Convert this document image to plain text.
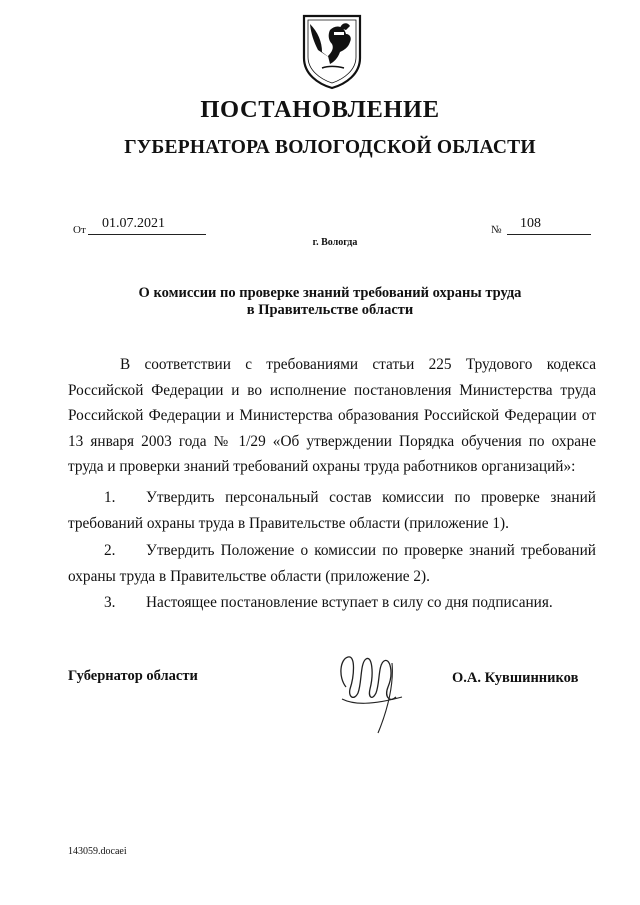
ПОСТАНОВЛЕНИЕ
ГУБЕРНАТОРА ВОЛОГОДСКОЙ ОБЛАСТИ
От	01.07.2021	№	108
г. Вологда
О комиссии по проверке знаний требований охраны труда
в Правительстве области
В соответствии с требованиями статьи 225 Трудового кодекса Российской Федерации и во исполнение постановления Министерства труда Российской Федерации и Министерства образования Российской Федерации от 13 января 2003 года № 1/29 «Об утверждении Порядка обучения по охране труда и проверки знаний требований охраны труда работников организаций»:
1. Утвердить персональный состав комиссии по проверке знаний требований охраны труда в Правительстве области (приложение 1).
2. Утвердить Положение о комиссии по проверке знаний требований охраны труда в Правительстве области (приложение 2).
3. Настоящее постановление вступает в силу со дня подписания.
Губернатор области	О.А. Кувшинников
143059.docaei
